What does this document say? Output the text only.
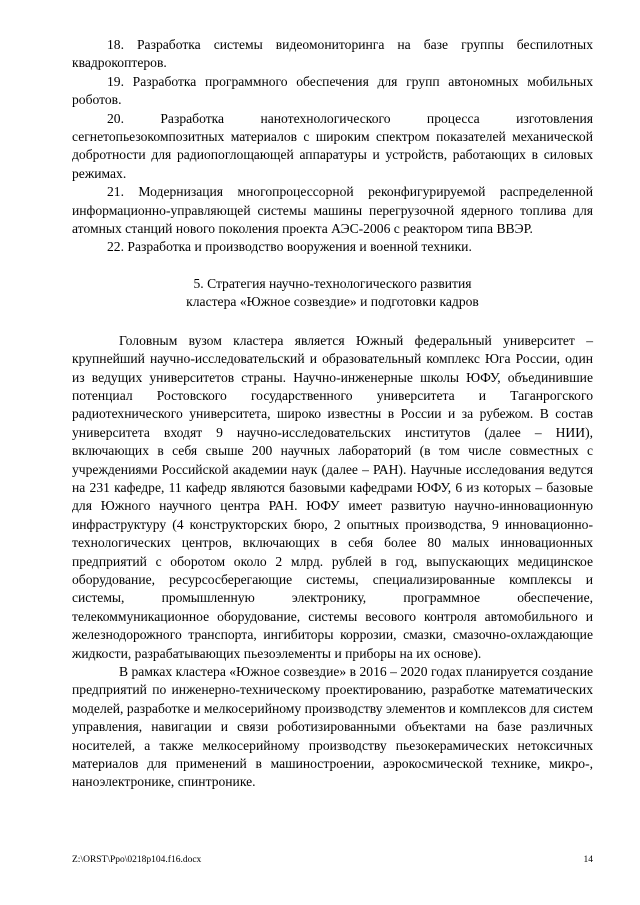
18. Разработка системы видеомониторинга на базе группы беспилотных квадрокоптеров.

19. Разработка программного обеспечения для групп автономных мобильных роботов.

20. Разработка нанотехнологического процесса изготовления сегнетопьезокомпозитных материалов с широким спектром показателей механической добротности для радиопоглощающей аппаратуры и устройств, работающих в силовых режимах.

21. Модернизация многопроцессорной реконфигурируемой распределенной информационно-управляющей системы машины перегрузочной ядерного топлива для атомных станций нового поколения проекта АЭС-2006 с реактором типа ВВЭР.

22. Разработка и производство вооружения и военной техники.

5. Стратегия научно-технологического развития
кластера «Южное созвездие» и подготовки кадров

Головным вузом кластера является Южный федеральный университет – крупнейший научно-исследовательский и образовательный комплекс Юга России, один из ведущих университетов страны. Научно-инженерные школы ЮФУ, объединившие потенциал Ростовского государственного университета и Таганрогского радиотехнического университета, широко известны в России и за рубежом. В состав университета входят 9 научно-исследовательских институтов (далее – НИИ), включающих в себя свыше 200 научных лабораторий (в том числе совместных с учреждениями Российской академии наук (далее – РАН). Научные исследования ведутся на 231 кафедре, 11 кафедр являются базовыми кафедрами ЮФУ, 6 из которых – базовые для Южного научного центра РАН. ЮФУ имеет развитую научно-инновационную инфраструктуру (4 конструкторских бюро, 2 опытных производства, 9 инновационно-технологических центров, включающих в себя более 80 малых инновационных предприятий с оборотом около 2 млрд. рублей в год, выпускающих медицинское оборудование, ресурсосберегающие системы, специализированные комплексы и системы, промышленную электронику, программное обеспечение, телекоммуникационное оборудование, системы весового контроля автомобильного и железнодорожного транспорта, ингибиторы коррозии, смазки, смазочно-охлаждающие жидкости, разрабатывающих пьезоэлементы и приборы на их основе).

В рамках кластера «Южное созвездие» в 2016 – 2020 годах планируется создание предприятий по инженерно-техническому проектированию, разработке математических моделей, разработке и мелкосерийному производству элементов и комплексов для систем управления, навигации и связи роботизированными объектами на базе различных носителей, а также мелкосерийному производству пьезокерамических нетоксичных материалов для применений в машиностроении, аэрокосмической технике, микро-, наноэлектронике, спинтронике.

Z:\ORST\Ppo\0218p104.f16.docx	14
